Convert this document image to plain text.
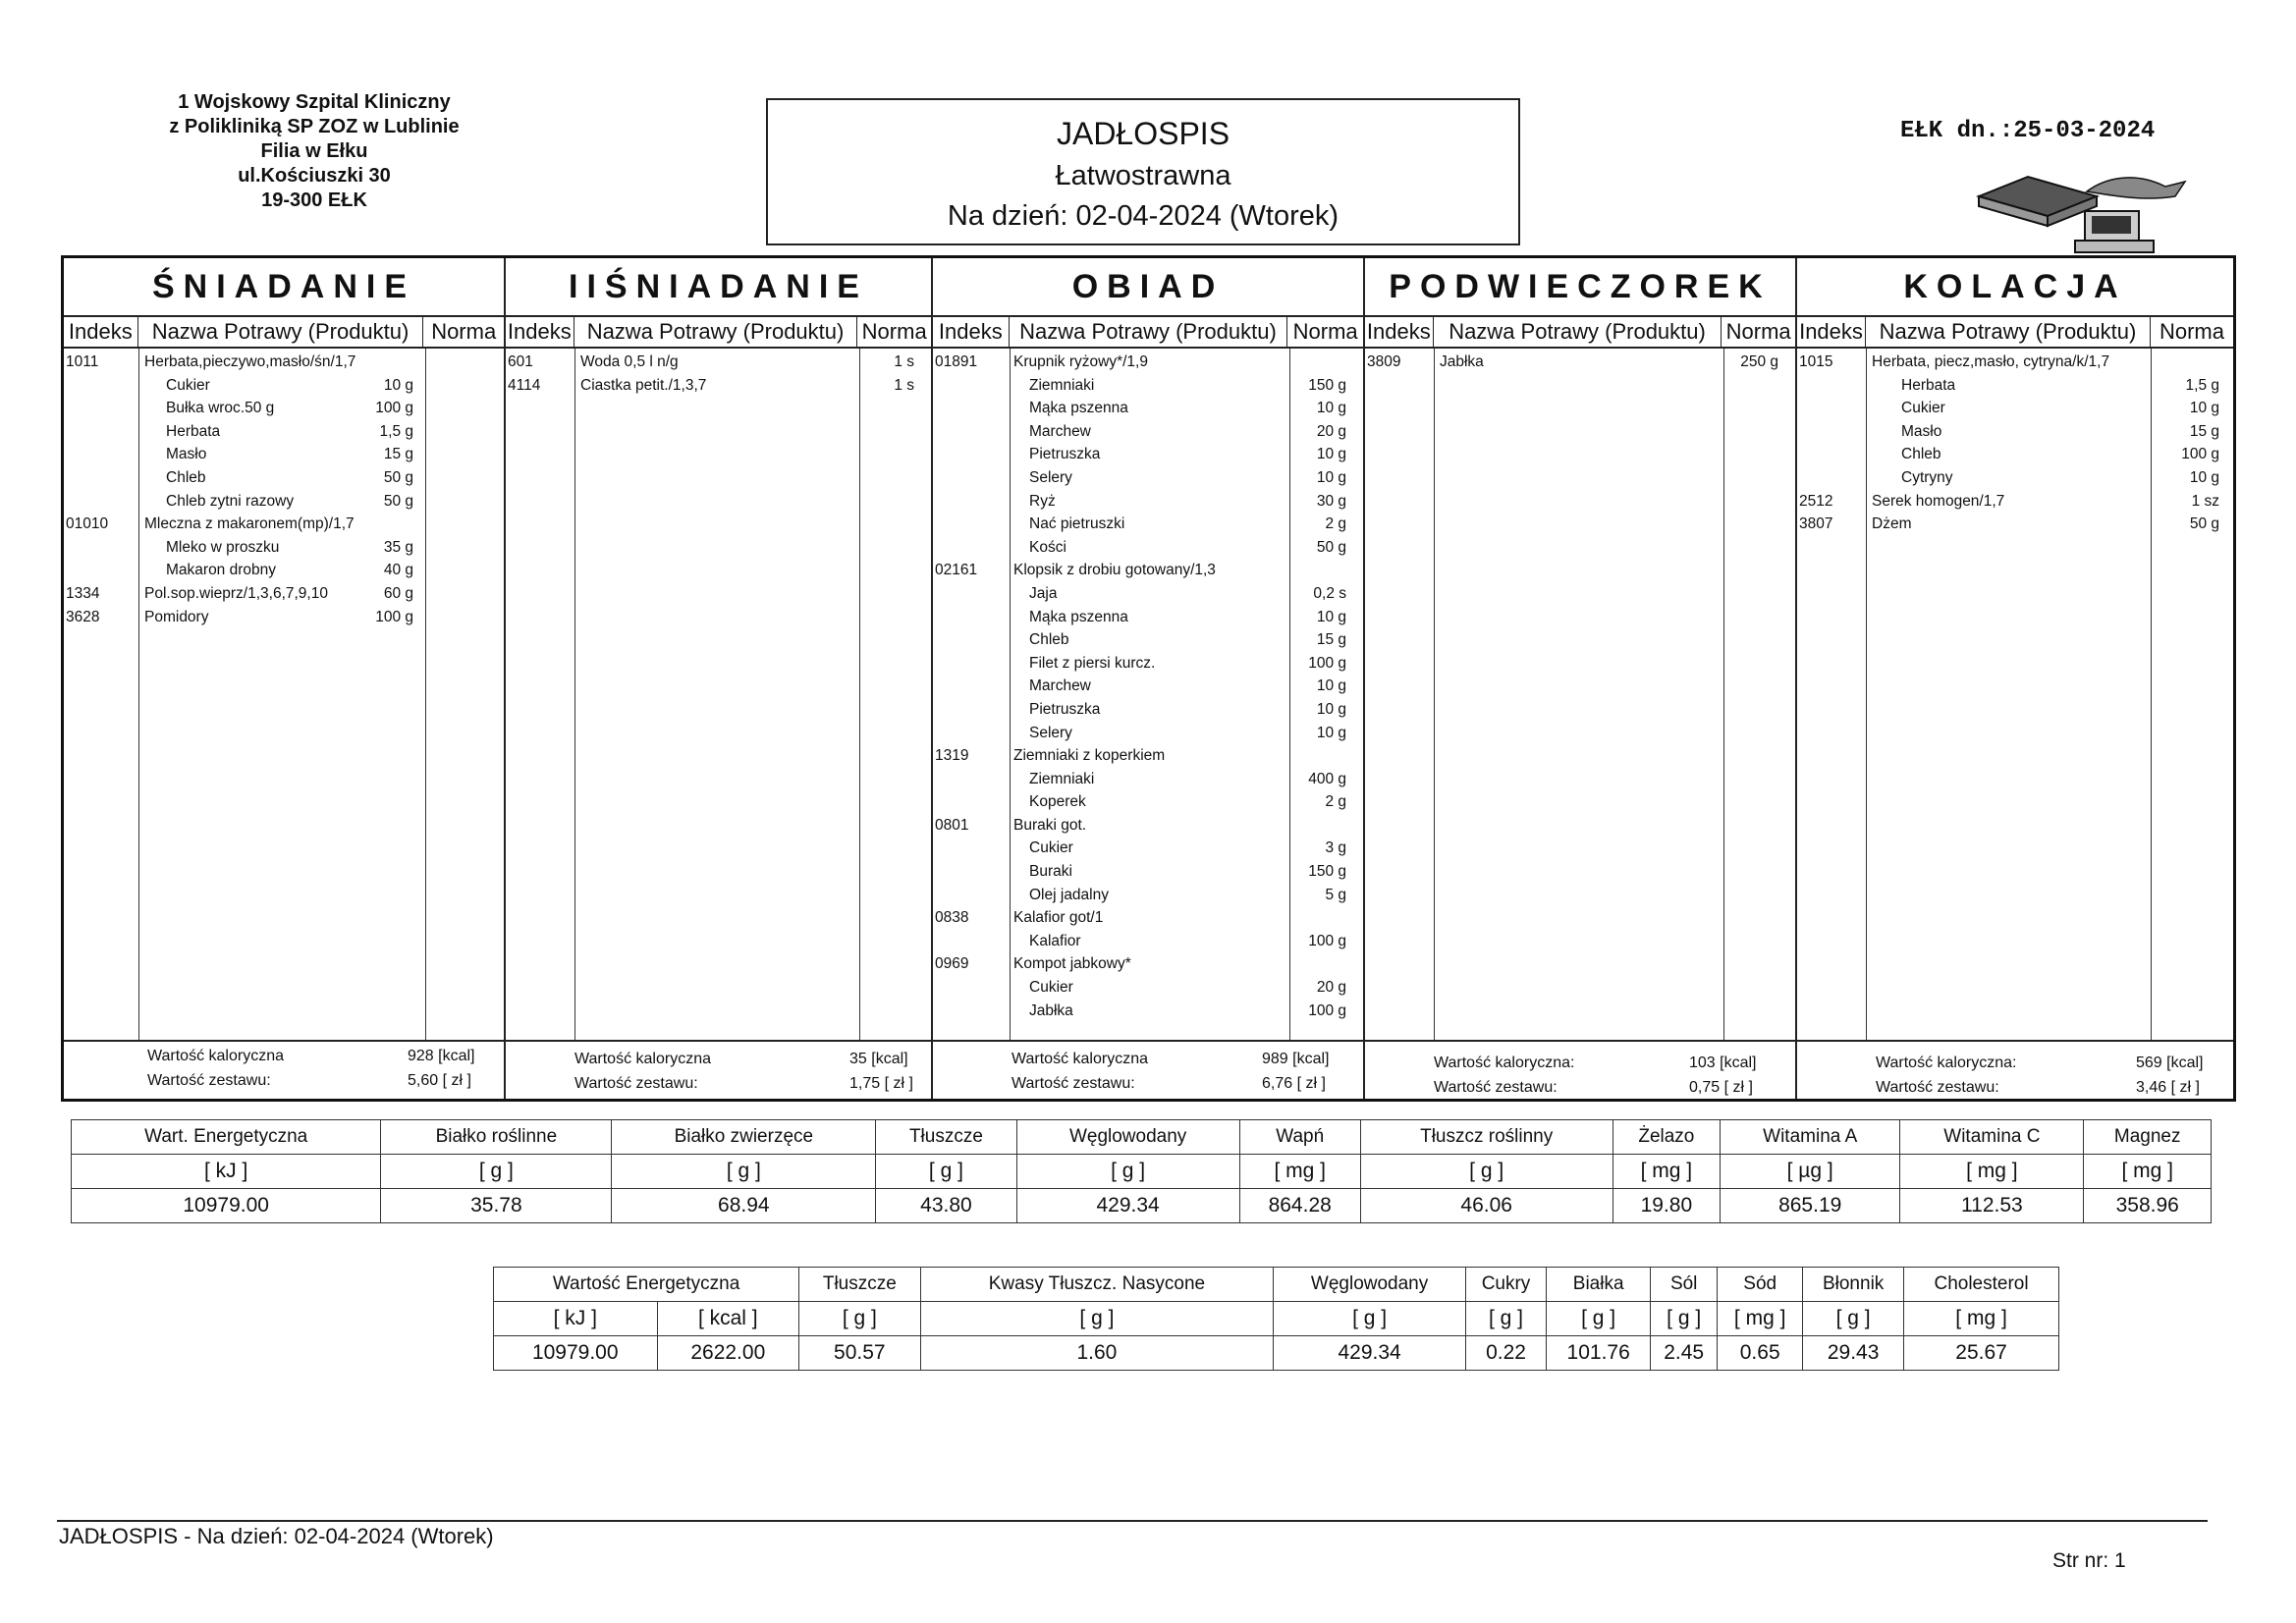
1 Wojskowy Szpital Kliniczny
z Polikliniką SP ZOZ w Lublinie
Filia w Ełku
ul.Kościuszki 30
19-300 EŁK
JADŁOSPIS
Łatwostrawna
Na dzień: 02-04-2024 (Wtorek)
EŁK dn.:25-03-2024
ŚNIADANIE
Indeks Nazwa Potrawy (Produktu)	Norma
1011	Herbata,pieczywo,masło/śn/1,7
Cukier	10 g
Bułka wroc.50 g	100 g
Herbata	1,5 g
Masło	15 g
Chleb	50 g
Chleb zytni razowy	50 g
01010 Mleczna z makaronem(mp)/1,7
Mleko w proszku	35 g
Makaron drobny	40 g
1334	Pol.sop.wieprz/1,3,6,7,9,10	60 g
3628	Pomidory	100 g
Wartość kaloryczna	928 [kcal]
Wartość zestawu:	5,60 [ zł ]
IIŚNIADANIE
Indeks Nazwa Potrawy (Produktu) Norma
601	Woda 0,5 l n/g	1 s
4114	Ciastka petit./1,3,7	1 s
Wartość kaloryczna	35 [kcal]
Wartość zestawu:	1,75 [ zł ]
OBIAD
Indeks Nazwa Potrawy (Produktu) Norma
01891 Krupnik ryżowy*/1,9
Ziemniaki	150 g
Mąka pszenna	10 g
Marchew	20 g
Pietruszka	10 g
Selery	10 g
Ryż	30 g
Nać pietruszki	2 g
Kości	50 g
02161 Klopsik z drobiu gotowany/1,3
Jaja	0,2 s
Mąka pszenna	10 g
Chleb	15 g
Filet z piersi kurcz.	100 g
Marchew	10 g
Pietruszka	10 g
Selery	10 g
1319	Ziemniaki z koperkiem
Ziemniaki	400 g
Koperek	2 g
0801	Buraki got.
Cukier	3 g
Buraki	150 g
Olej jadalny	5 g
0838	Kalafior got/1
Kalafior	100 g
0969	Kompot jabkowy*
Cukier	20 g
Jabłka	100 g
Wartość kaloryczna	989 [kcal]
Wartość zestawu:	6,76 [ zł ]
PODWIECZOREK
Indeks Nazwa Potrawy (Produktu) Norma
3809	Jabłka	250 g
Wartość kaloryczna:	103 [kcal]
Wartość zestawu:	0,75 [ zł ]
KOLACJA
Indeks Nazwa Potrawy (Produktu)	Norma
1015	Herbata, piecz,masło, cytryna/k/1,7
Herbata	1,5 g
Cukier	10 g
Masło	15 g
Chleb	100 g
Cytryny	10 g
2512	Serek homogen/1,7	1 sz
3807	Dżem	50 g
Wartość kaloryczna:	569 [kcal]
Wartość zestawu:	3,46 [ zł ]
Wart. Energetyczna	Białko roślinne	Białko zwierzęce	Tłuszcze	Węglowodany	Wapń	Tłuszcz roślinny	Żelazo	Witamina A	Witamina C	Magnez
[ kJ ]	[ g ]	[ g ]	[ g ]	[ g ]	[ mg ]	[ g ]	[ mg ]	[ µg ]	[ mg ]	[ mg ]
10979.00	35.78	68.94	43.80	429.34	864.28	46.06	19.80	865.19	112.53	358.96
Wartość Energetyczna		Tłuszcze	Kwasy Tłuszcz. Nasycone	Węglowodany	Cukry	Białka	Sól	Sód	Błonnik	Cholesterol
[ kJ ]	[ kcal ]	[ g ]	[ g ]	[ g ]	[ g ]	[ g ]	[ g ]	[ mg ]	[ g ]	[ mg ]
10979.00	2622.00	50.57	1.60	429.34	0.22	101.76	2.45	0.65	29.43	25.67
JADŁOSPIS - Na dzień: 02-04-2024 (Wtorek)
Str nr: 1
